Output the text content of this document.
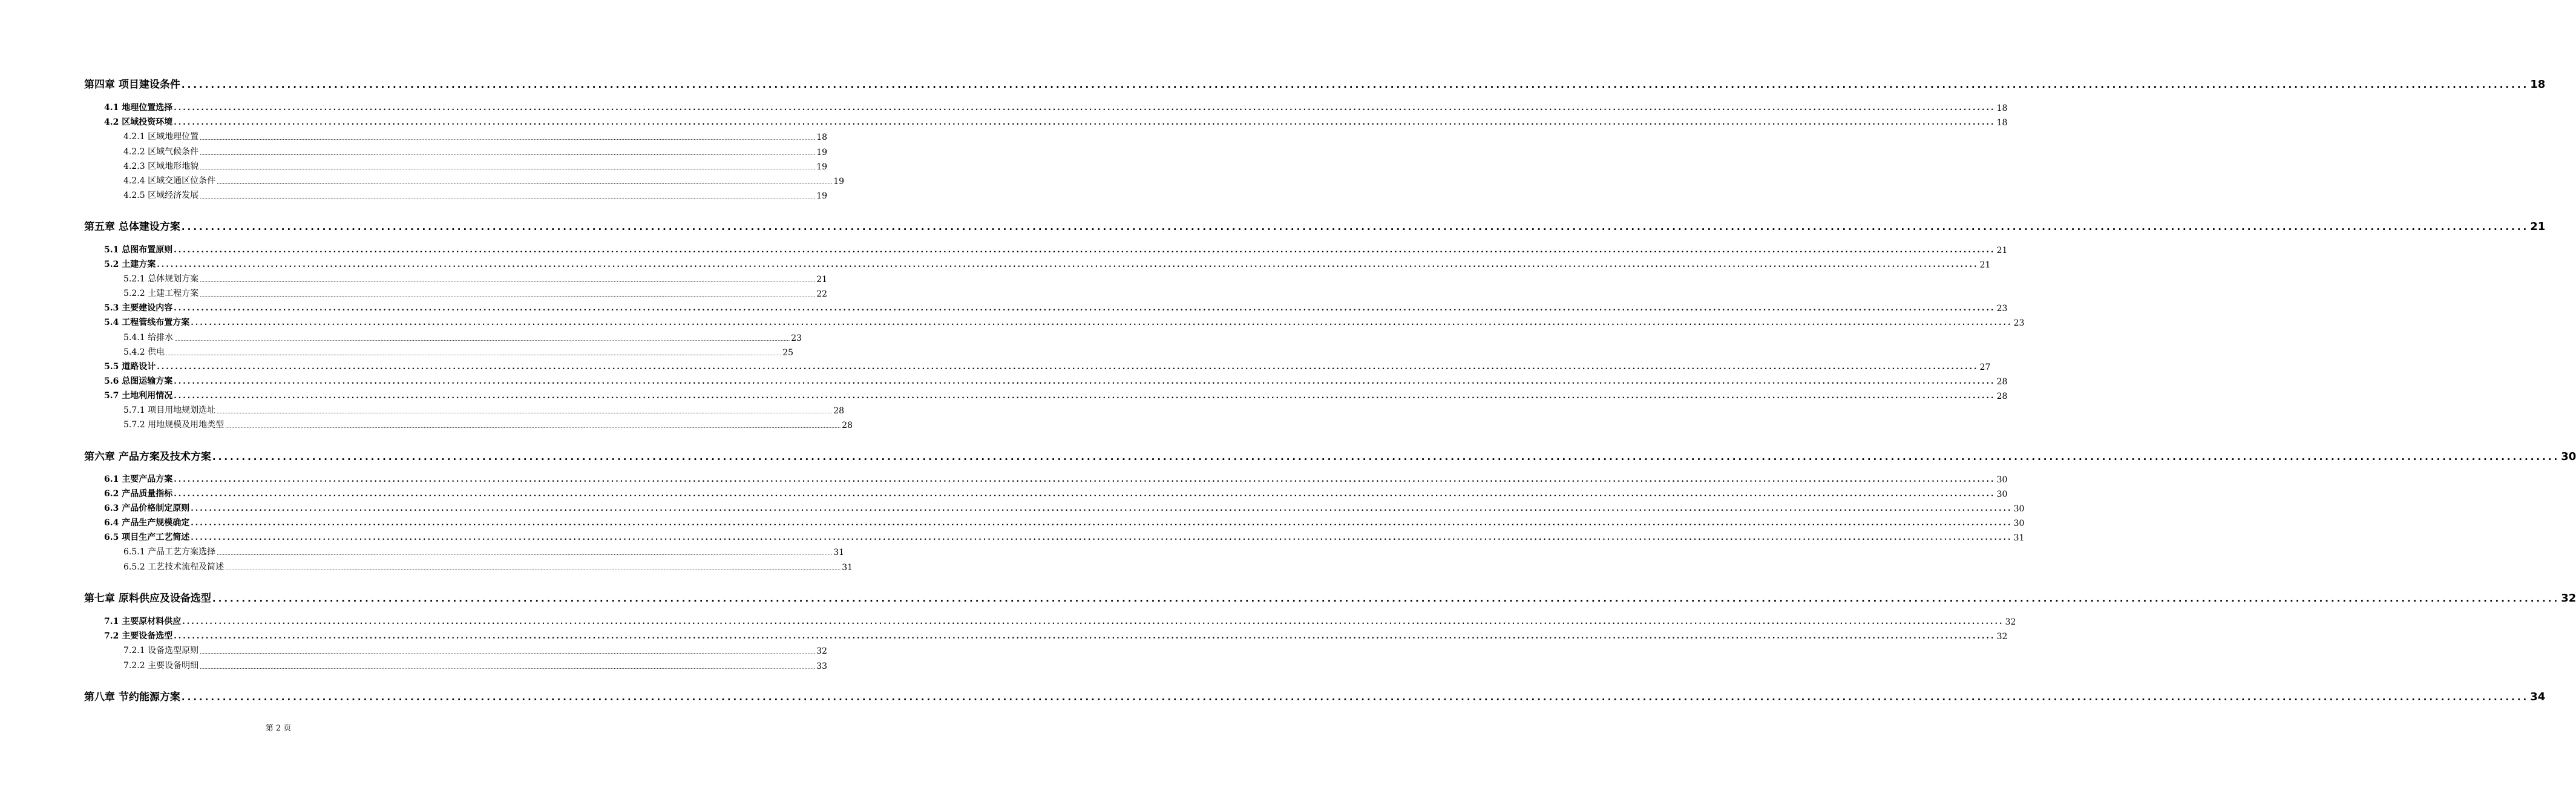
第四章 项目建设条件 ................................................................................................................................................................................................................................................................................................................................................................................................................ 18
4.1 地理位置选择 ................................................................................................................................................................................................................................................................................................................................................................................................................ 18
4.2 区域投资环境 ................................................................................................................................................................................................................................................................................................................................................................................................................ 18
4.2.1 区域地理位置 ................................................................................................................................................................................................................................................................................................................................................................................................................ 18
4.2.2 区域气候条件 ................................................................................................................................................................................................................................................................................................................................................................................................................ 19
4.2.3 区域地形地貌 ................................................................................................................................................................................................................................................................................................................................................................................................................ 19
4.2.4 区域交通区位条件 ................................................................................................................................................................................................................................................................................................................................................................................................................ 19
4.2.5 区域经济发展 ................................................................................................................................................................................................................................................................................................................................................................................................................ 19
第五章 总体建设方案 ................................................................................................................................................................................................................................................................................................................................................................................................................ 21
5.1 总图布置原则 ................................................................................................................................................................................................................................................................................................................................................................................................................ 21
5.2 土建方案 ................................................................................................................................................................................................................................................................................................................................................................................................................ 21
5.2.1 总体规划方案 ................................................................................................................................................................................................................................................................................................................................................................................................................ 21
5.2.2 土建工程方案 ................................................................................................................................................................................................................................................................................................................................................................................................................ 22
5.3 主要建设内容 ................................................................................................................................................................................................................................................................................................................................................................................................................ 23
5.4 工程管线布置方案 ................................................................................................................................................................................................................................................................................................................................................................................................................ 23
5.4.1 给排水 ................................................................................................................................................................................................................................................................................................................................................................................................................ 23
5.4.2 供电 ................................................................................................................................................................................................................................................................................................................................................................................................................ 25
5.5 道路设计 ................................................................................................................................................................................................................................................................................................................................................................................................................ 27
5.6 总图运输方案 ................................................................................................................................................................................................................................................................................................................................................................................................................ 28
5.7 土地利用情况 ................................................................................................................................................................................................................................................................................................................................................................................................................ 28
5.7.1 项目用地规划选址 ................................................................................................................................................................................................................................................................................................................................................................................................................ 28
5.7.2 用地规模及用地类型 ................................................................................................................................................................................................................................................................................................................................................................................................................ 28
第六章 产品方案及技术方案 ................................................................................................................................................................................................................................................................................................................................................................................................................ 30
6.1 主要产品方案 ................................................................................................................................................................................................................................................................................................................................................................................................................ 30
6.2 产品质量指标 ................................................................................................................................................................................................................................................................................................................................................................................................................ 30
6.3 产品价格制定原则 ................................................................................................................................................................................................................................................................................................................................................................................................................ 30
6.4 产品生产规模确定 ................................................................................................................................................................................................................................................................................................................................................................................................................ 30
6.5 项目生产工艺简述 ................................................................................................................................................................................................................................................................................................................................................................................................................ 31
6.5.1 产品工艺方案选择 ................................................................................................................................................................................................................................................................................................................................................................................................................ 31
6.5.2 工艺技术流程及简述 ................................................................................................................................................................................................................................................................................................................................................................................................................ 31
第七章 原料供应及设备选型 ................................................................................................................................................................................................................................................................................................................................................................................................................ 32
7.1 主要原材料供应 ................................................................................................................................................................................................................................................................................................................................................................................................................ 32
7.2 主要设备选型 ................................................................................................................................................................................................................................................................................................................................................................................................................ 32
7.2.1 设备选型原则 ................................................................................................................................................................................................................................................................................................................................................................................................................ 32
7.2.2 主要设备明细 ................................................................................................................................................................................................................................................................................................................................................................................................................ 33
第八章 节约能源方案 ................................................................................................................................................................................................................................................................................................................................................................................................................ 34
第 2 页
